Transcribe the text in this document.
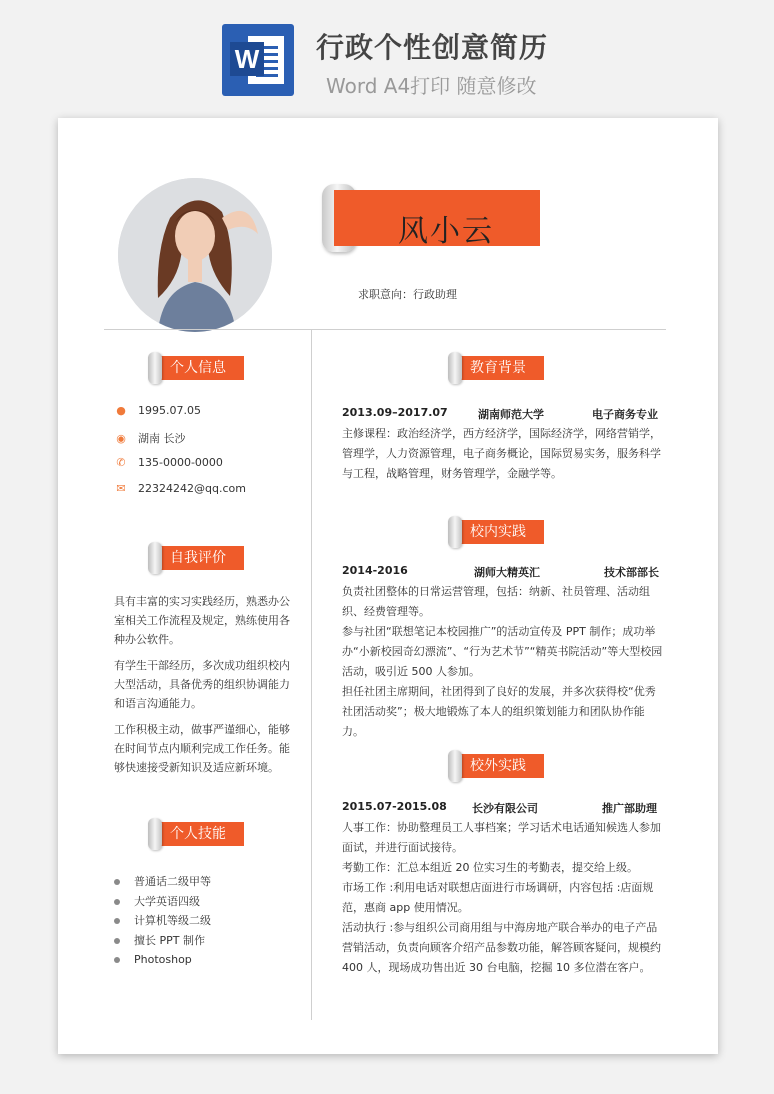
W 行政个性创意简历
Word A4打印 随意修改
风小云
求职意向：行政助理
个人信息
● 1995.07.05
◉ 湖南 长沙
✆ 135-0000-0000
✉ 22324242@qq.com
自我评价
具有丰富的实习实践经历，熟悉办公室相关工作流程及规定，熟练使用各种办公软件。
有学生干部经历，多次成功组织校内大型活动，具备优秀的组织协调能力和语言沟通能力。
工作积极主动，做事严谨细心，能够在时间节点内顺利完成工作任务。能够快速接受新知识及适应新环境。
个人技能
普通话二级甲等
大学英语四级
计算机等级二级
擅长 PPT 制作
Photoshop
教育背景
2013.09–2017.07	湖南师范大学	电子商务专业
主修课程：政治经济学，西方经济学，国际经济学，网络营销学，管理学，人力资源管理，电子商务概论，国际贸易实务，服务科学与工程，战略管理，财务管理学，金融学等。
校内实践
2014-2016	湖师大精英汇	技术部部长
负责社团整体的日常运营管理，包括：纳新、社员管理、活动组织、经费管理等。
参与社团“联想笔记本校园推广”的活动宣传及 PPT 制作；成功举办“小新校园奇幻漂流”、“行为艺术节”“精英书院活动”等大型校园活动，吸引近 500 人参加。
担任社团主席期间，社团得到了良好的发展，并多次获得校“优秀社团活动奖”；极大地锻炼了本人的组织策划能力和团队协作能力。
校外实践
2015.07-2015.08 长沙有限公司	推广部助理
人事工作：协助整理员工人事档案；学习话术电话通知候选人参加面试，并进行面试接待。
考勤工作：汇总本组近 20 位实习生的考勤表，提交给上级。
市场工作 :利用电话对联想店面进行市场调研，内容包括 :店面规范，惠商 app 使用情况。
活动执行 :参与组织公司商用组与中海房地产联合举办的电子产品营销活动，负责向顾客介绍产品参数功能，解答顾客疑问，规模约 400 人，现场成功售出近 30 台电脑，挖掘 10 多位潜在客户。
